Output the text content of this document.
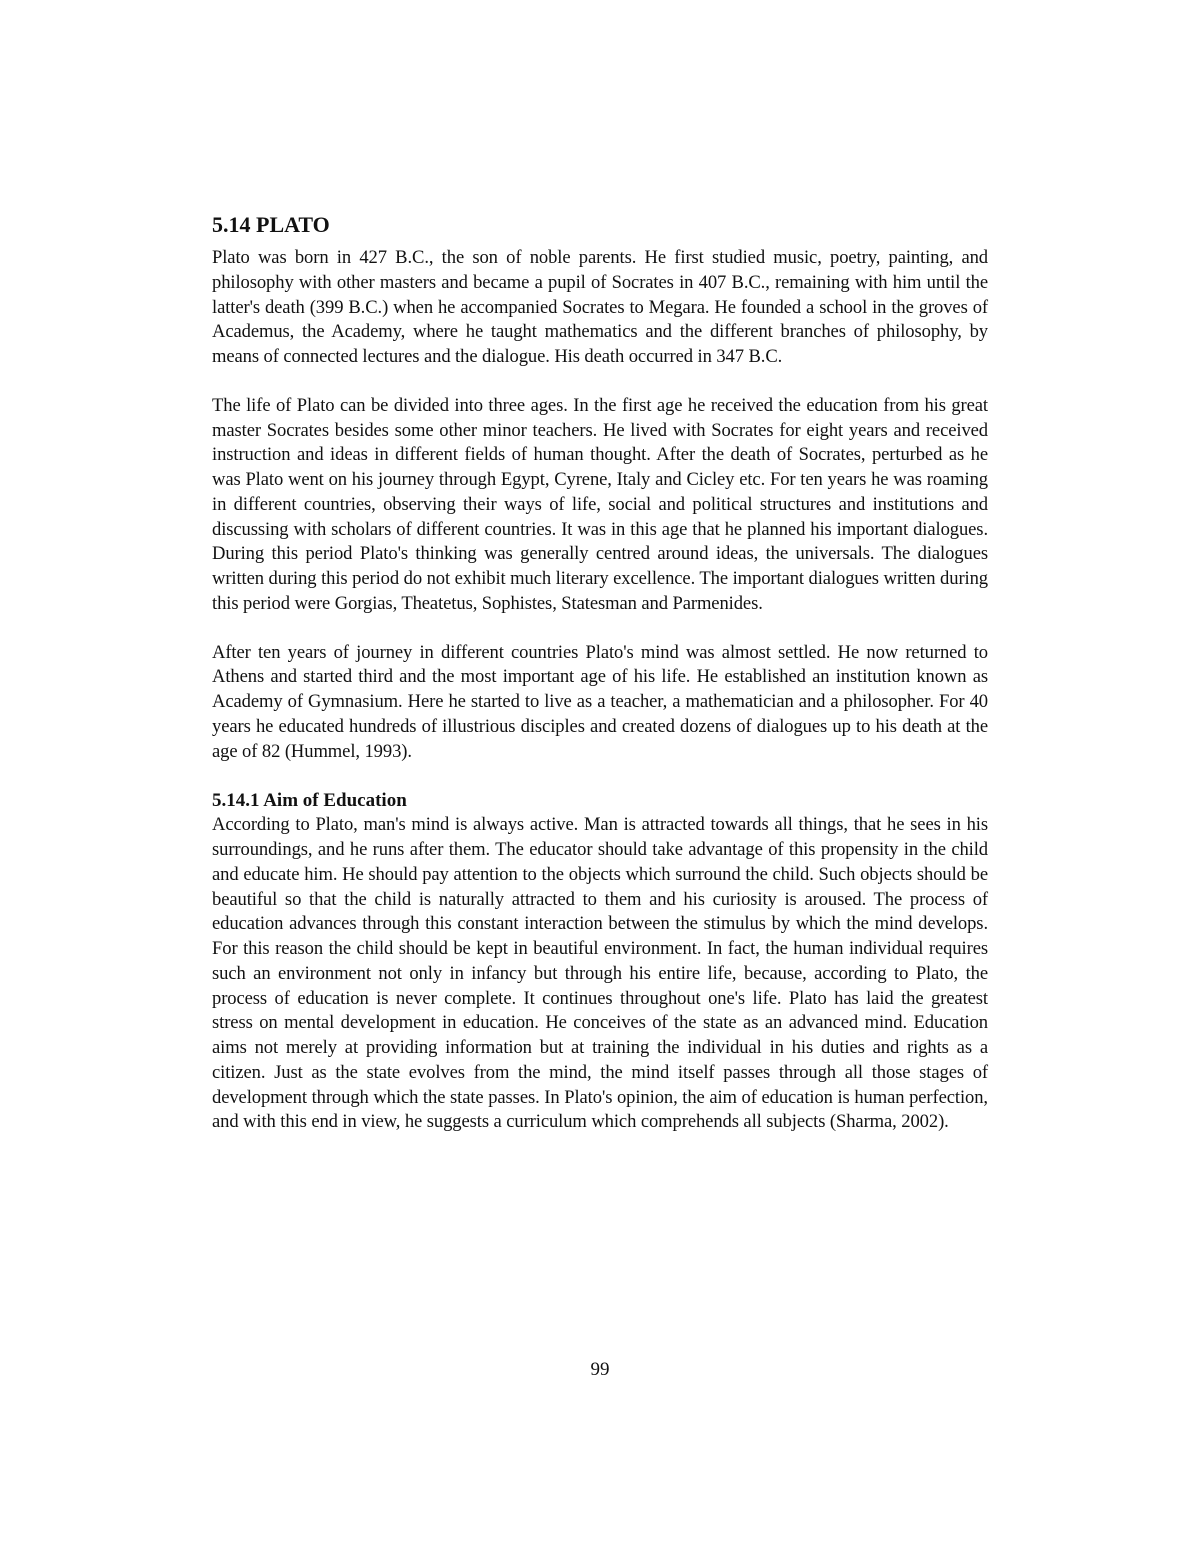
5.14 PLATO

Plato was born in 427 B.C., the son of noble parents. He first studied music, poetry, painting, and philosophy with other masters and became a pupil of Socrates in 407 B.C., remaining with him until the latter's death (399 B.C.) when he accompanied Socrates to Megara. He founded a school in the groves of Academus, the Academy, where he taught mathematics and the different branches of philosophy, by means of connected lectures and the dialogue. His death occurred in 347 B.C.

The life of Plato can be divided into three ages. In the first age he received the education from his great master Socrates besides some other minor teachers. He lived with Socrates for eight years and received instruction and ideas in different fields of human thought. After the death of Socrates, perturbed as he was Plato went on his journey through Egypt, Cyrene, Italy and Cicley etc. For ten years he was roaming in different countries, observing their ways of life, social and political structures and institutions and discussing with scholars of different countries. It was in this age that he planned his important dialogues. During this period Plato's thinking was generally centred around ideas, the universals. The dialogues written during this period do not exhibit much literary excellence. The important dialogues written during this period were Gorgias, Theatetus, Sophistes, Statesman and Parmenides.

After ten years of journey in different countries Plato's mind was almost settled. He now returned to Athens and started third and the most important age of his life. He established an institution known as Academy of Gymnasium. Here he started to live as a teacher, a mathematician and a philosopher. For 40 years he educated hundreds of illustrious disciples and created dozens of dialogues up to his death at the age of 82 (Hummel, 1993).

5.14.1 Aim of Education

According to Plato, man's mind is always active. Man is attracted towards all things, that he sees in his surroundings, and he runs after them. The educator should take advantage of this propensity in the child and educate him. He should pay attention to the objects which surround the child. Such objects should be beautiful so that the child is naturally attracted to them and his curiosity is aroused. The process of education advances through this constant interaction between the stimulus by which the mind develops. For this reason the child should be kept in beautiful environment. In fact, the human individual requires such an environment not only in infancy but through his entire life, because, according to Plato, the process of education is never complete. It continues throughout one's life. Plato has laid the greatest stress on mental development in education. He conceives of the state as an advanced mind. Education aims not merely at providing information but at training the individual in his duties and rights as a citizen. Just as the state evolves from the mind, the mind itself passes through all those stages of development through which the state passes. In Plato's opinion, the aim of education is human perfection, and with this end in view, he suggests a curriculum which comprehends all subjects (Sharma, 2002).

99
